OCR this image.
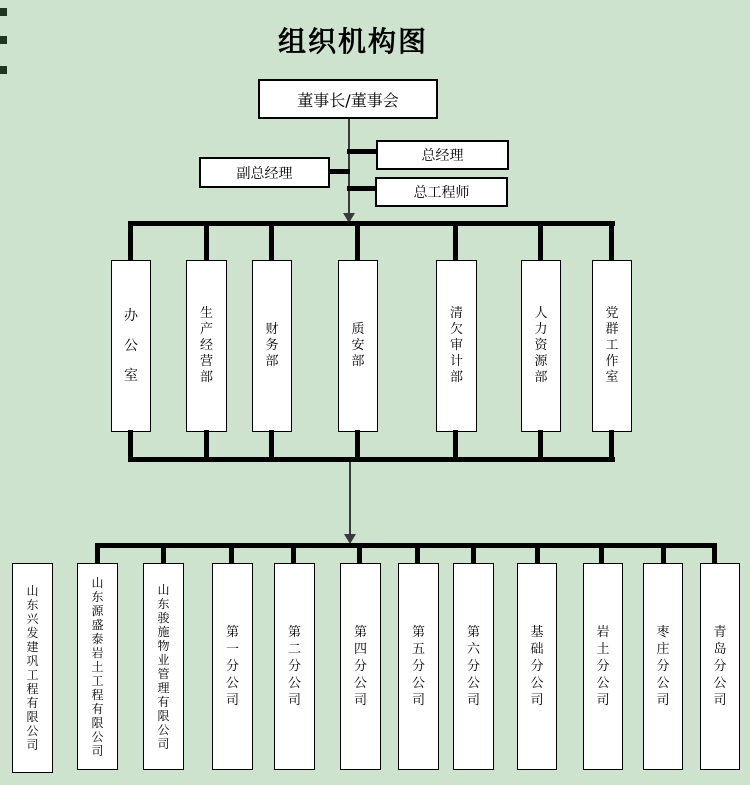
组织机构图
董事长/董事会
副总经理
总经理
总工程师
办
公
室
生
产
经
营
部
财
务
部
质
安
部
清
欠
审
计
部
人
力
资
源
部
党
群
工
作
室
山
东
兴
发
建
巩
工
程
有
限
公
司
山
东
源
盛
泰
岩
土
工
程
有
限
公
司
山
东
骏
施
物
业
管
理
有
限
公
司
第
一
分
公
司
第
二
分
公
司
第
四
分
公
司
第
五
分
公
司
第
六
分
公
司
基
础
分
公
司
岩
土
分
公
司
枣
庄
分
公
司
青
岛
分
公
司
